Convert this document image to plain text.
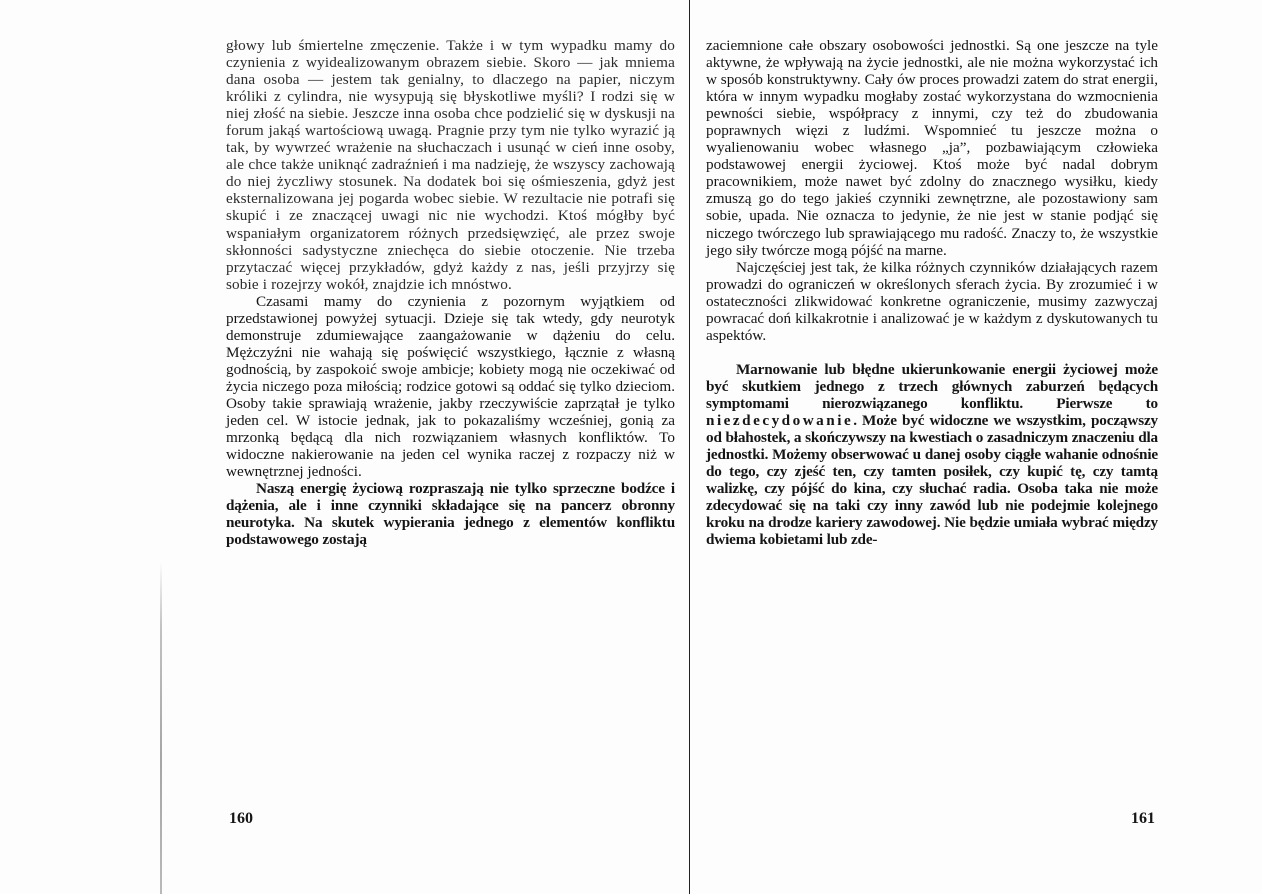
głowy lub śmiertelne zmęczenie. Także i w tym wypadku mamy do czynienia z wyidealizowanym obrazem siebie. Skoro — jak mniema dana osoba — jestem tak genialny, to dlaczego na papier, niczym króliki z cylindra, nie wysypują się błyskotliwe myśli? I rodzi się w niej złość na siebie. Jeszcze inna osoba chce podzielić się w dyskusji na forum jakąś wartościową uwagą. Pragnie przy tym nie tylko wyrazić ją tak, by wywrzeć wrażenie na słuchaczach i usunąć w cień inne osoby, ale chce także uniknąć zadraźnień i ma nadzieję, że wszyscy zachowają do niej życzliwy stosunek. Na dodatek boi się ośmieszenia, gdyż jest eksternalizowana jej pogarda wobec siebie. W rezultacie nie potrafi się skupić i ze znaczącej uwagi nic nie wychodzi. Ktoś mógłby być wspaniałym organizatorem różnych przedsięwzięć, ale przez swoje skłonności sadystyczne zniechęca do siebie otoczenie. Nie trzeba przytaczać więcej przykładów, gdyż każdy z nas, jeśli przyjrzy się sobie i rozejrzy wokół, znajdzie ich mnóstwo.

Czasami mamy do czynienia z pozornym wyjątkiem od przedstawionej powyżej sytuacji. Dzieje się tak wtedy, gdy neurotyk demonstruje zdumiewające zaangażowanie w dążeniu do celu. Mężczyźni nie wahają się poświęcić wszystkiego, łącznie z własną godnością, by zaspokoić swoje ambicje; kobiety mogą nie oczekiwać od życia niczego poza miłością; rodzice gotowi są oddać się tylko dzieciom. Osoby takie sprawiają wrażenie, jakby rzeczywiście zaprzątał je tylko jeden cel. W istocie jednak, jak to pokazaliśmy wcześniej, gonią za mrzonką będącą dla nich rozwiązaniem własnych konfliktów. To widoczne nakierowanie na jeden cel wynika raczej z rozpaczy niż w wewnętrznej jedności.

Naszą energię życiową rozpraszają nie tylko sprzeczne bodźce i dążenia, ale i inne czynniki składające się na pancerz obronny neurotyka. Na skutek wypierania jednego z elementów konfliktu podstawowego zostają

160

zaciemnione całe obszary osobowości jednostki. Są one jeszcze na tyle aktywne, że wpływają na życie jednostki, ale nie można wykorzystać ich w sposób konstruktywny. Cały ów proces prowadzi zatem do strat energii, która w innym wypadku mogłaby zostać wykorzystana do wzmocnienia pewności siebie, współpracy z innymi, czy też do zbudowania poprawnych więzi z ludźmi. Wspomnieć tu jeszcze można o wyalienowaniu wobec własnego „ja”, pozbawiającym człowieka podstawowej energii życiowej. Ktoś może być nadal dobrym pracownikiem, może nawet być zdolny do znacznego wysiłku, kiedy zmuszą go do tego jakieś czynniki zewnętrzne, ale pozostawiony sam sobie, upada. Nie oznacza to jedynie, że nie jest w stanie podjąć się niczego twórczego lub sprawiającego mu radość. Znaczy to, że wszystkie jego siły twórcze mogą pójść na marne.

Najczęściej jest tak, że kilka różnych czynników działających razem prowadzi do ograniczeń w określonych sferach życia. By zrozumieć i w ostateczności zlikwidować konkretne ograniczenie, musimy zazwyczaj powracać doń kilkakrotnie i analizować je w każdym z dyskutowanych tu aspektów.

Marnowanie lub błędne ukierunkowanie energii życiowej może być skutkiem jednego z trzech głównych zaburzeń będących symptomami nierozwiązanego konfliktu. Pierwsze to niezdecydowanie. Może być widoczne we wszystkim, począwszy od błahostek, a skończywszy na kwestiach o zasadniczym znaczeniu dla jednostki. Możemy obserwować u danej osoby ciągłe wahanie odnośnie do tego, czy zjeść ten, czy tamten posiłek, czy kupić tę, czy tamtą walizkę, czy pójść do kina, czy słuchać radia. Osoba taka nie może zdecydować się na taki czy inny zawód lub nie podejmie kolejnego kroku na drodze kariery zawodowej. Nie będzie umiała wybrać między dwiema kobietami lub zde-

161
